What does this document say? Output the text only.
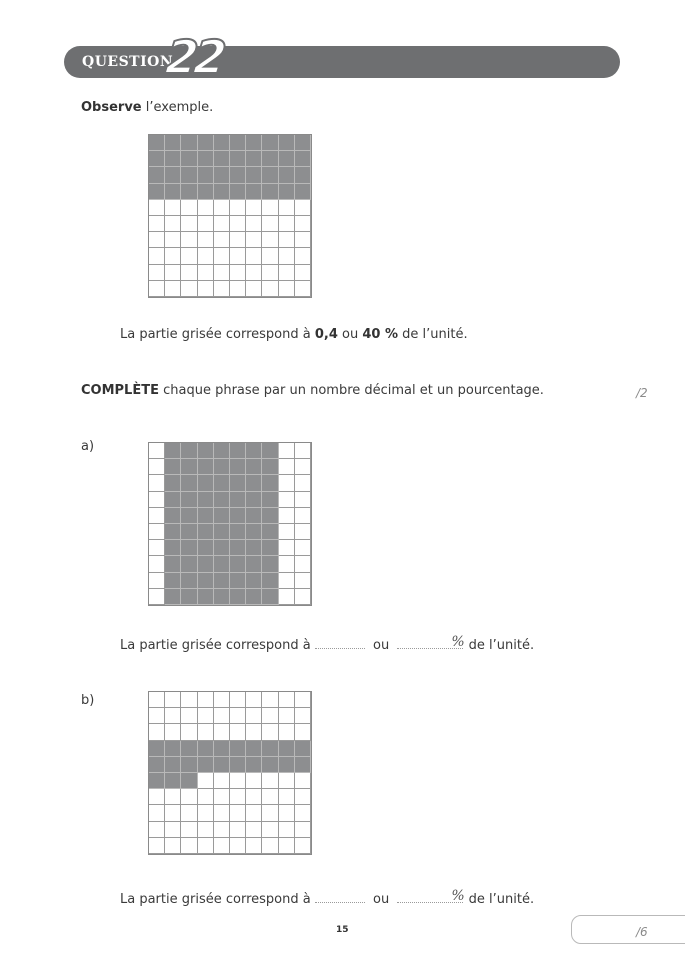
QUESTION
22
Observe l’exemple.
La partie grisée correspond à 0,4 ou 40 % de l’unité.
COMPLÈTE chaque phrase par un nombre décimal et un pourcentage.	/2
a)
La partie grisée correspond à	ou	% de l’unité.
b)
La partie grisée correspond à	ou	% de l’unité.
15	/6
